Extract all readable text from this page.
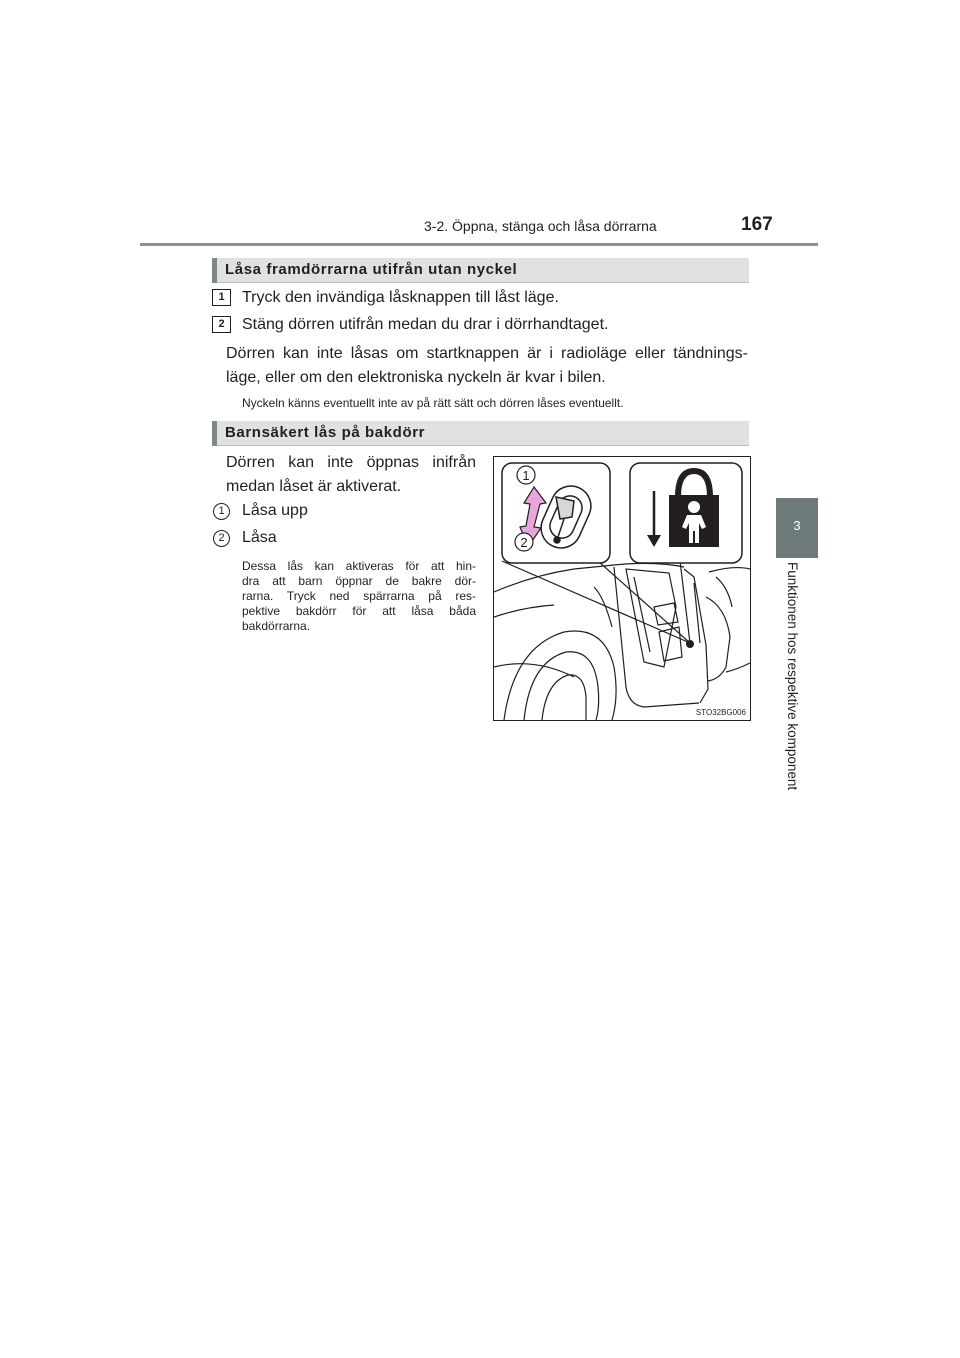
3-2. Öppna, stänga och låsa dörrarna	167
3
Funktionen hos respektive komponent
Låsa framdörrarna utifrån utan nyckel
1	Tryck den invändiga låsknappen till låst läge.
2	Stäng dörren utifrån medan du drar i dörrhandtaget.
Dörren kan inte låsas om startknappen är i radioläge eller tändnings-
läge, eller om den elektroniska nyckeln är kvar i bilen.
Nyckeln känns eventuellt inte av på rätt sätt och dörren låses eventuellt.
Barnsäkert lås på bakdörr
Dörren kan inte öppnas inifrån
medan låset är aktiverat.
1	Låsa upp
2	Låsa
Dessa lås kan aktiveras för att hin-
dra att barn öppnar de bakre dör-
rarna. Tryck ned spärrarna på res-
pektive bakdörr för att låsa båda
bakdörrarna.
1
2
STO32BG006
